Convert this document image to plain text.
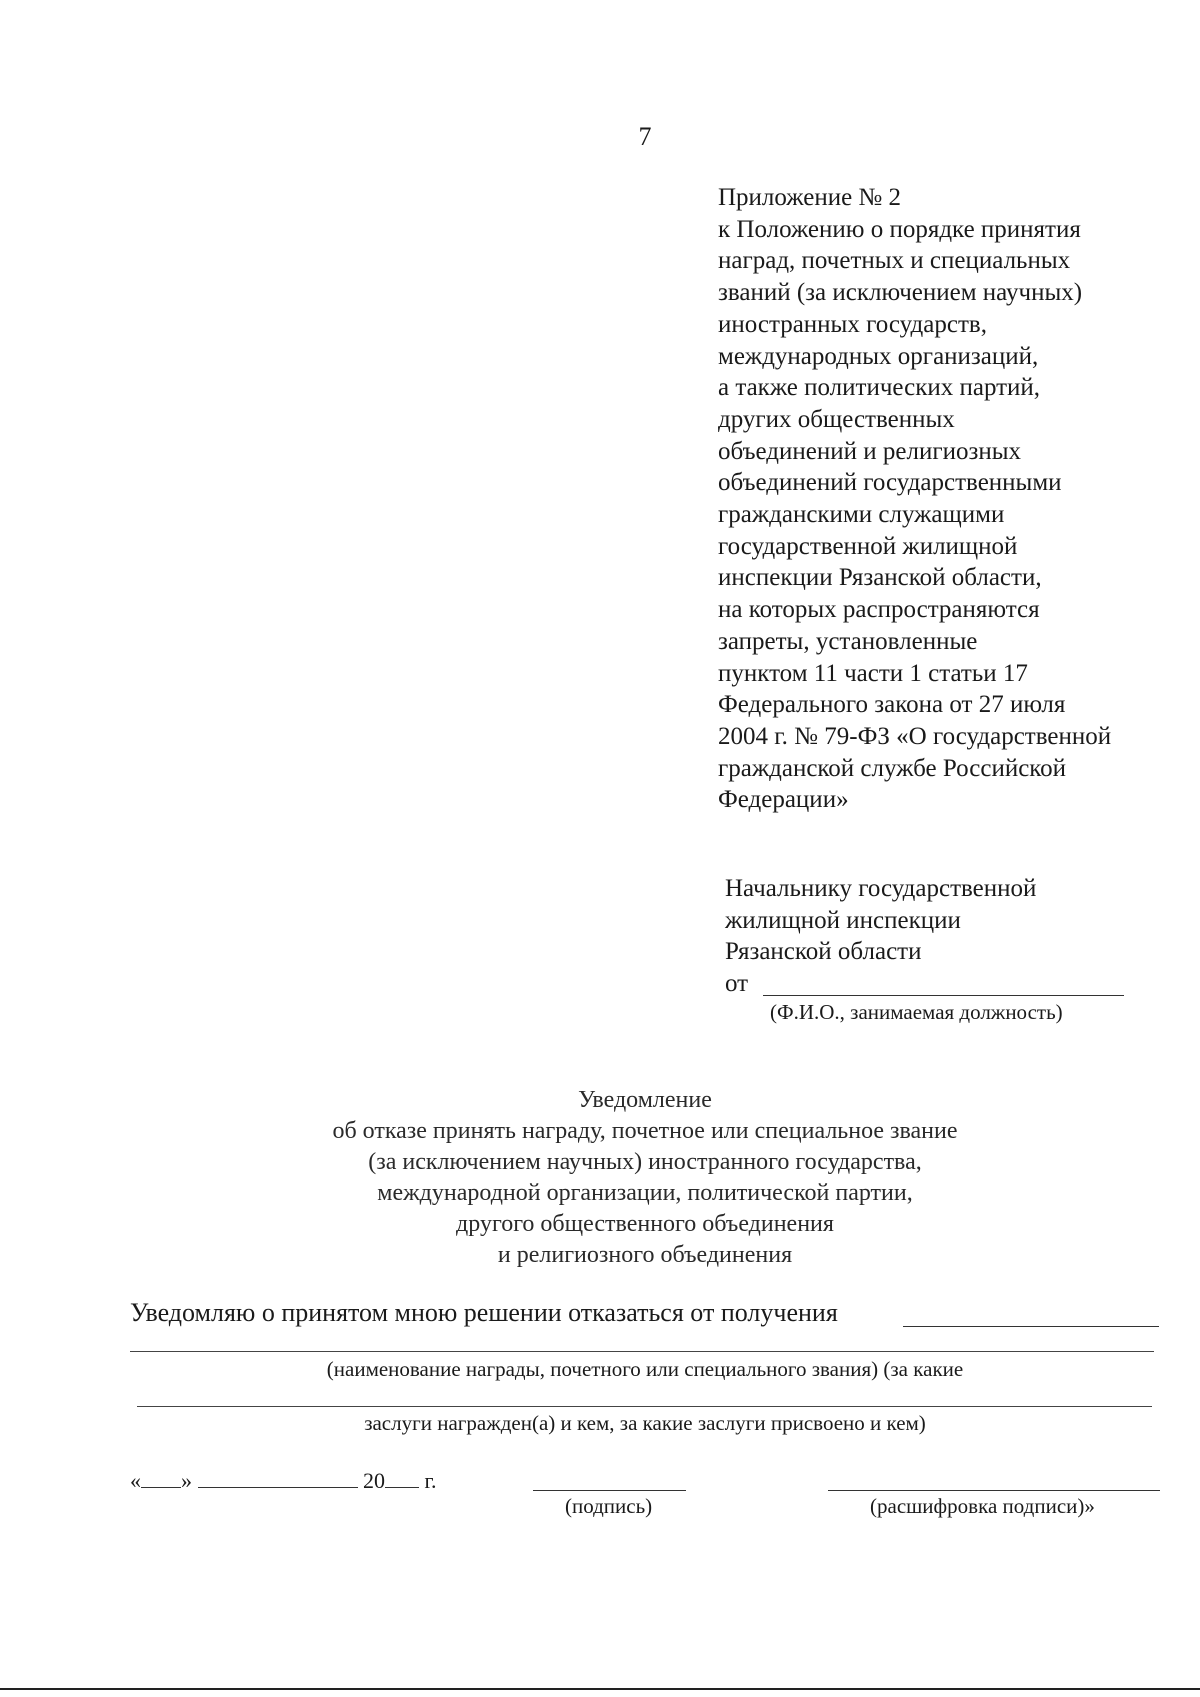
7
Приложение № 2
к Положению о порядке принятия
наград, почетных и специальных
званий (за исключением научных)
иностранных государств,
международных организаций,
а также политических партий,
других общественных
объединений и религиозных
объединений государственными
гражданскими служащими
государственной жилищной
инспекции Рязанской области,
на которых распространяются
запреты, установленные
пунктом 11 части 1 статьи 17
Федерального закона от 27 июля
2004 г. № 79-ФЗ «О государственной
гражданской службе Российской
Федерации»
Начальнику государственной
жилищной инспекции
Рязанской области
от
(Ф.И.О., занимаемая должность)
Уведомление
об отказе принять награду, почетное или специальное звание
(за исключением научных) иностранного государства,
международной организации, политической партии,
другого общественного объединения
и религиозного объединения
Уведомляю о принятом мною решении отказаться от получения
(наименование награды, почетного или специального звания) (за какие
заслуги награжден(а) и кем, за какие заслуги присвоено и кем)
« »	20 г.
(подпись)	(расшифровка подписи)»
